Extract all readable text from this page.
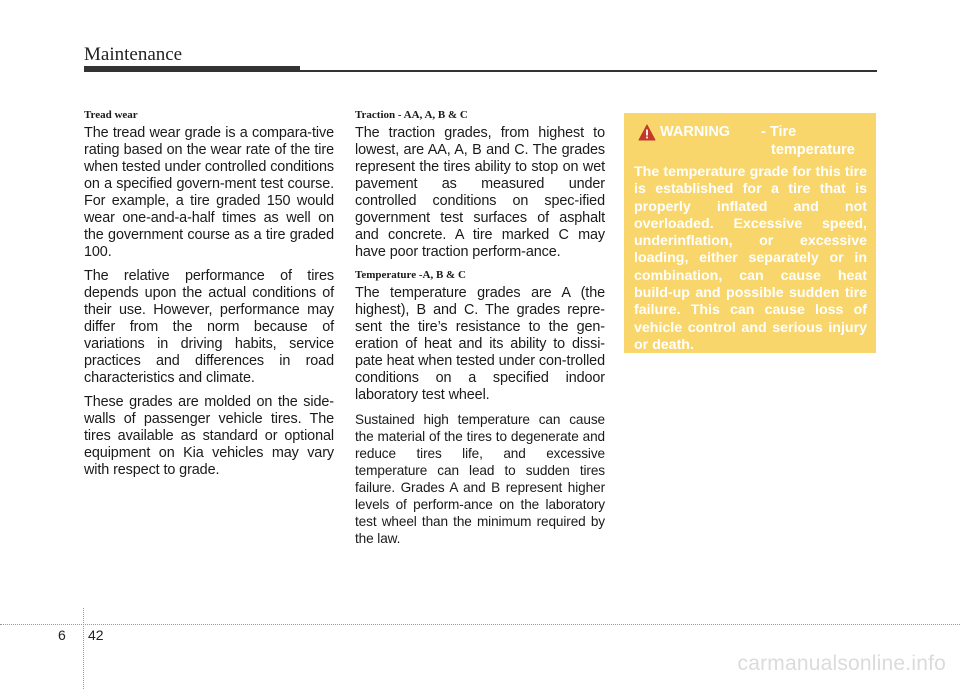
Maintenance

Tread wear

The tread wear grade is a compara-tive rating based on the wear rate of the tire when tested under controlled conditions on a specified govern-ment test course. For example, a tire graded 150 would wear one-and-a-half times as well on the government course as a tire graded 100.

The relative performance of tires depends upon the actual conditions of their use. However, performance may differ from the norm because of variations in driving habits, service practices and differences in road characteristics and climate.

These grades are molded on the side-walls of passenger vehicle tires. The tires available as standard or optional equipment on Kia vehicles may vary with respect to grade.

Traction - AA, A, B & C

The traction grades, from highest to lowest, are AA, A, B and C. The grades represent the tires ability to stop on wet pavement as measured under controlled conditions on spec-ified government test surfaces of asphalt and concrete. A tire marked C may have poor traction perform-ance.

Temperature -A, B & C

The temperature grades are A (the highest), B and C. The grades repre-sent the tire’s resistance to the gen-eration of heat and its ability to dissi-pate heat when tested under con-trolled conditions on a specified indoor laboratory test wheel.

Sustained high temperature can cause the material of the tires to degenerate and reduce tires life, and excessive temperature can lead to sudden tires failure. Grades A and B represent higher levels of perform-ance on the laboratory test wheel than the minimum required by the law.

WARNING - Tire
temperature

The temperature grade for this tire is established for a tire that is properly inflated and not overloaded. Excessive speed, underinflation, or excessive loading, either separately or in combination, can cause heat build-up and possible sudden tire failure. This can cause loss of vehicle control and serious injury or death.

6 42
carmanualsonline.info
